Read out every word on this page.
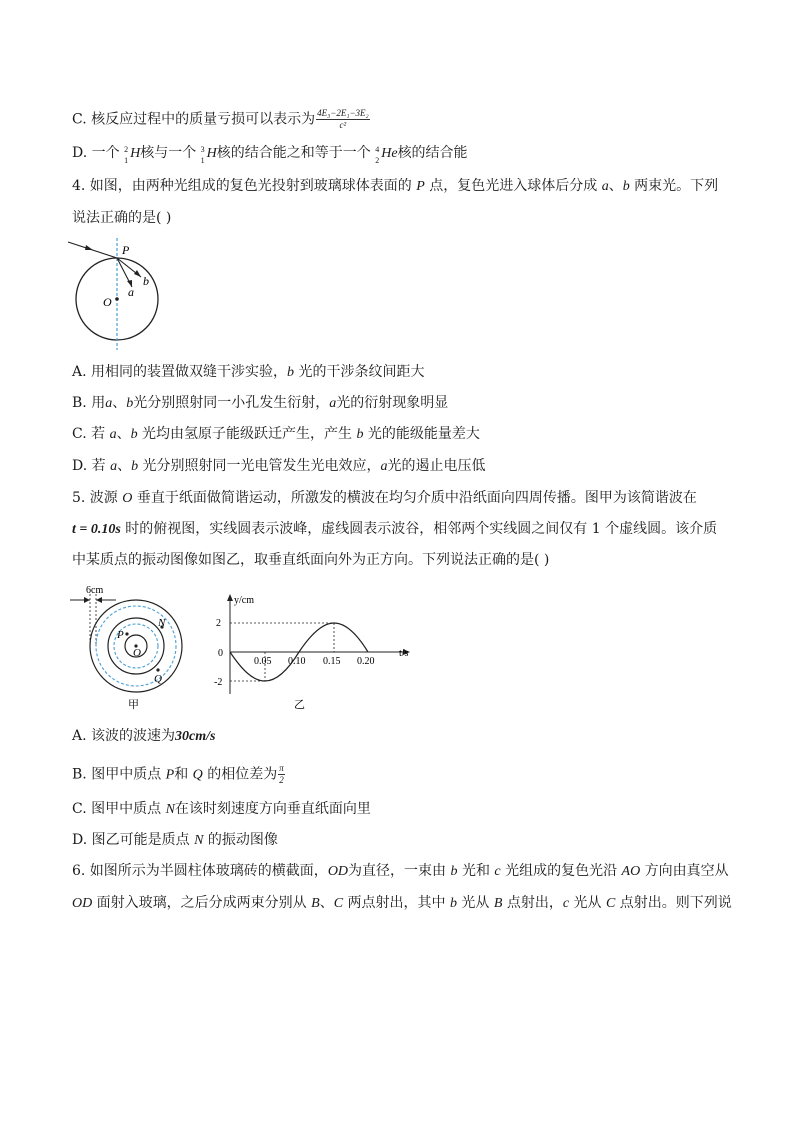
C. 核反应过程中的质量亏损可以表示为 $\frac{\text{4E₃−2E₁−3E₂}}{\text{c²}}$
D. 一个 2
1 H核与一个 3
1 H核的结合能之和等于一个 4
2 He核的结合能
4. 如图，由两种光组成的复色光投射到玻璃球体表面的 P 点，复色光进入球体后分成 a、b 两束光。下列
说法正确的是( )
P
O
a
b
A. 用相同的装置做双缝干涉实验，b 光的干涉条纹间距大
B. 用a、b光分别照射同一小孔发生衍射，a光的衍射现象明显
C. 若 a、b 光均由氢原子能级跃迁产生，产生 b 光的能级能量差大
D. 若 a、b 光分别照射同一光电管发生光电效应，a光的遏止电压低
5. 波源 O 垂直于纸面做简谐运动，所激发的横波在均匀介质中沿纸面向四周传播。图甲为该简谐波在
t = 0.10s 时的俯视图，实线圆表示波峰，虚线圆表示波谷，相邻两个实线圆之间仅有 1 个虚线圆。该介质
中某质点的振动图像如图乙，取垂直纸面向外为正方向。下列说法正确的是( )
6cm
O
P
N
Q
甲
y/cm
t/s
2
0
-2
0.05 0.10 0.15 0.20
乙
A. 该波的波速为30cm/s
B. 图甲中质点 P和 Q 的相位差为 $\frac{\pi}{2}$
C. 图甲中质点 N在该时刻速度方向垂直纸面向里
D. 图乙可能是质点 N 的振动图像
6. 如图所示为半圆柱体玻璃砖的横截面，OD为直径，一束由 b 光和 c 光组成的复色光沿 AO 方向由真空从
OD 面射入玻璃，之后分成两束分别从 B、C 两点射出，其中 b 光从 B 点射出，c 光从 C 点射出。则下列说
